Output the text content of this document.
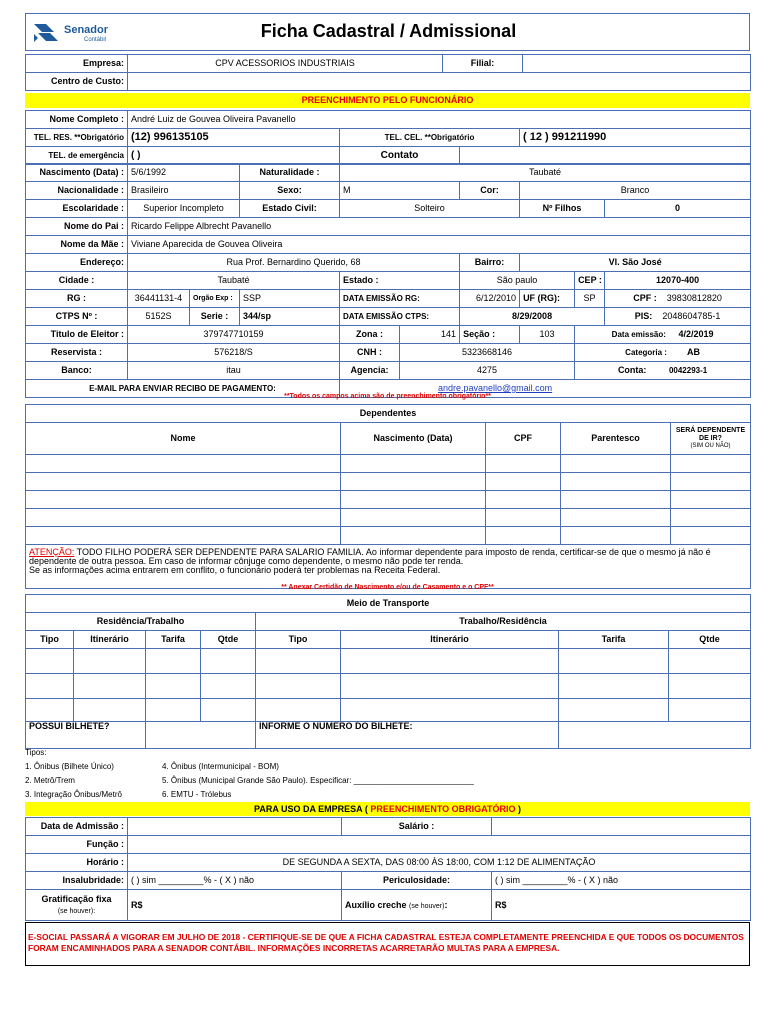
Senador
Contábil	Ficha Cadastral / Admissional
Empresa:	CPV ACESSORIOS INDUSTRIAIS	Filial:	
Centro de Custo:			
PREENCHIMENTO PELO FUNCIONÁRIO
Nome Completo :	André Luiz de Gouvea Oliveira Pavanello			
TEL. RES. **Obrigatório	(12) 996135105	TEL. CEL. **Obrigatório		( 12 ) 991211990
TEL. de emergência	( )	Contato		
Nascimento (Data) :	5/6/1992	Naturalidade :	Taubaté			
Nacionalidade :	Brasileiro	Sexo:	M	Cor:	Branco	
Escolaridade :	Superior Incompleto	Estado Civil:	Solteiro		Nº Filhos	0
Nome do Pai :	Ricardo Felippe Albrecht Pavanello					
Nome da Mãe :	Viviane Aparecida de Gouvea Oliveira					
Endereço:	Rua Prof. Bernardino Querido, 68					Bairro:	Vl. São José		
Cidade :	Taubaté			Estado :		São paulo		CEP :	12070-400
RG :	36441131-4	Orgão Exp :	SSP	DATA EMISSÃO RG:		6/12/2010	UF (RG):	SP	CPF : 39830812820
CTPS Nº :	5152S	Serie :	344/sp	DATA EMISSÃO CTPS:		8/29/2008			PIS: 2048604785-1
Titulo de Eleitor :	379747710159			Zona :	141	Seção :	103	Data emissão: 4/2/2019	
Reservista :	576218/S			CNH :	5323668146			Categoria : AB	
Banco:	itau			Agencia:	4275			Conta: 0042293-1	
E-MAIL PARA ENVIAR RECIBO DE PAGAMENTO:				andre.pavanello@gmail.com					
**Todos os campos acima são de preenchimento obrigatório**
Dependentes				
Nome	Nascimento (Data)	CPF	Parentesco	SERÁ DEPENDENTE DE IR?
(SIM OU NÃO)

ATENÇÃO: TODO FILHO PODERÁ SER DEPENDENTE PARA SALARIO FAMILIA. Ao informar dependente para imposto de renda, certificar-se de que o mesmo já não é dependente de outra pessoa. Em caso de informar cônjuge como dependente, o mesmo não pode ter renda.
Se as informações acima entrarem em conflito, o funcionário poderá ter problemas na Receita Federal.				
** Anexar Certidão de Nascimento e/ou de Casamento e o CPF**
Meio de Transporte							
Residência/Trabalho				Trabalho/Residência			
Tipo	Itinerário	Tarifa	Qtde	Tipo	Itinerário	Tarifa	Qtde

POSSUI BILHETE?				INFORME O NUMERO DO BILHETE:			
Tipos:
1. Ônibus (Bilhete Único)
2. Metrô/Trem
3. Integração Ônibus/Metrô
4. Ônibus (Intermunicipal - BOM)
5. Ônibus (Municipal Grande São Paulo). Especificar: ___________________________
6. EMTU - Trólebus
PARA USO DA EMPRESA ( PREENCHIMENTO OBRIGATÓRIO )
Data de Admissão :		Salário :	
Função :			
Horário :	DE SEGUNDA A SEXTA, DAS 08:00 ÀS 18:00, COM 1:12 DE ALIMENTAÇÃO		
Insalubridade:	( ) sim _________% - ( X ) não	Periculosidade:	( ) sim _________% - ( X ) não
Gratificação fixa
(se houver):	R$	Auxílio creche (se houver):	R$
E-SOCIAL PASSARÁ A VIGORAR EM JULHO DE 2018 - CERTIFIQUE-SE DE QUE A FICHA CADASTRAL ESTEJA COMPLETAMENTE PREENCHIDA E QUE TODOS OS DOCUMENTOS FORAM ENCAMINHADOS PARA A SENADOR CONTÁBIL. INFORMAÇÕES INCORRETAS ACARRETARÃO MULTAS PARA A EMPRESA.
